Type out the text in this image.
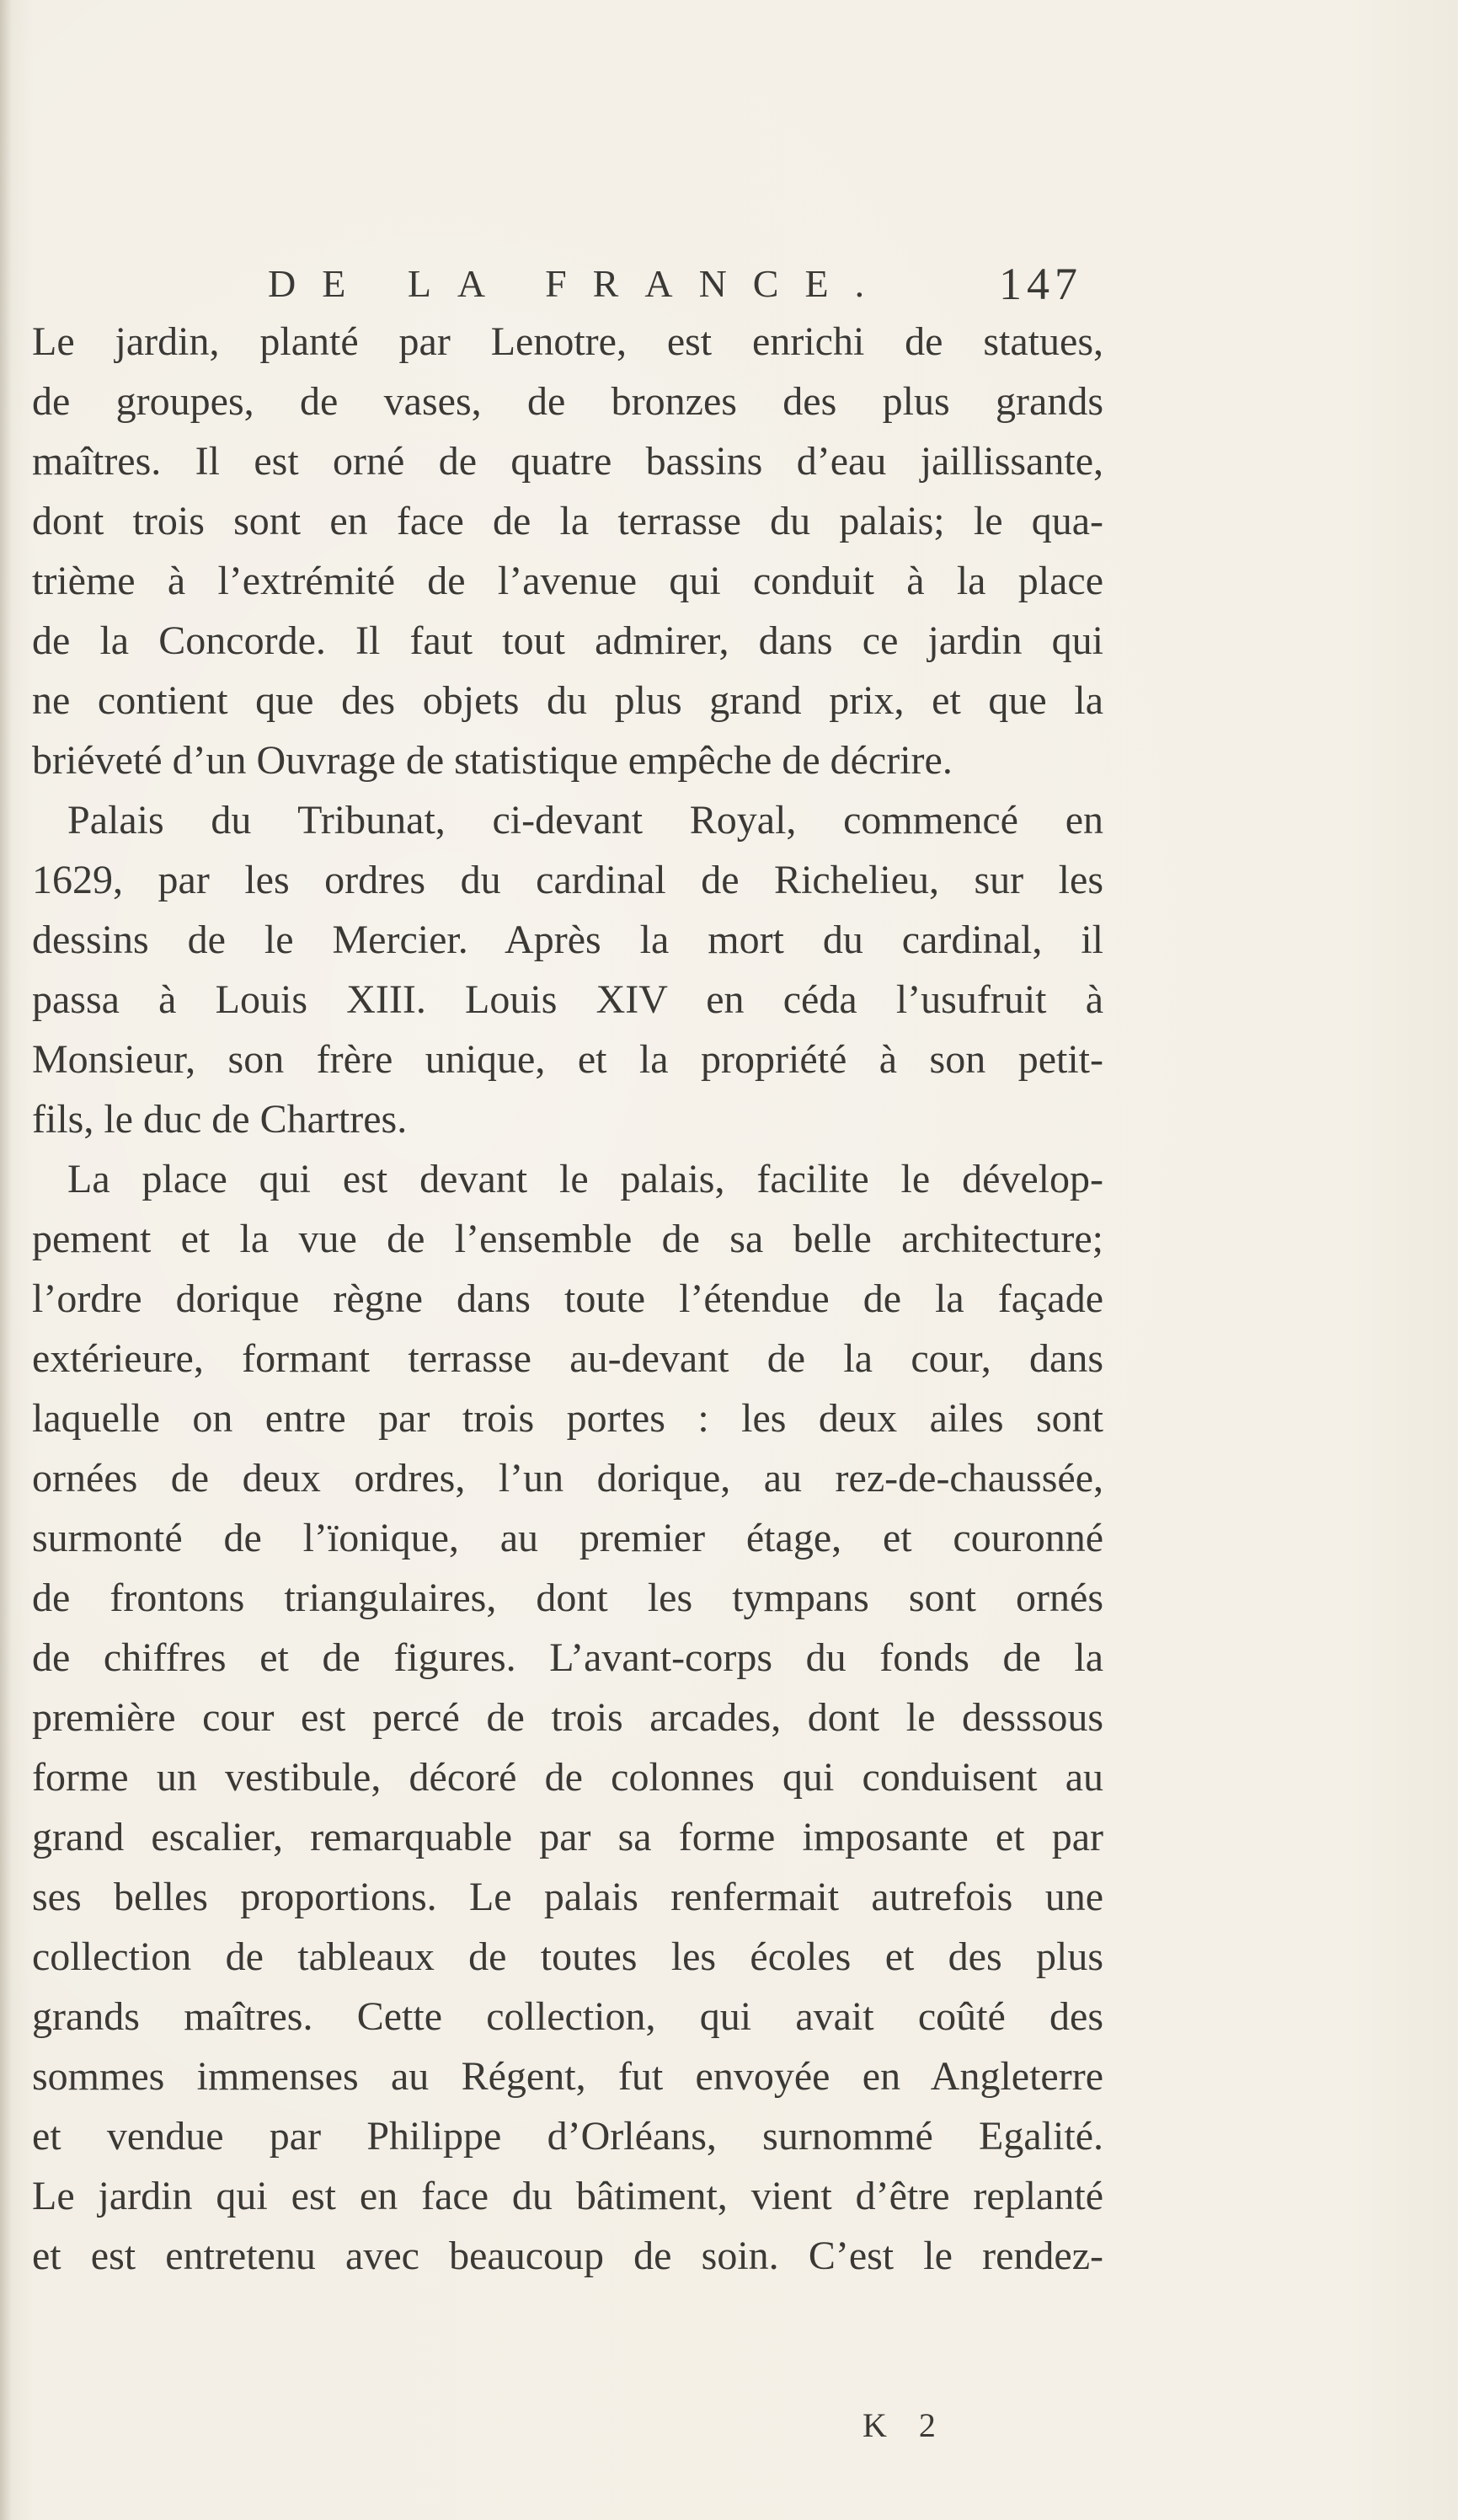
DE LA FRANCE. 147
Le jardin, planté par Lenotre, est enrichi de statues,
de groupes, de vases, de bronzes des plus grands
maîtres. Il est orné de quatre bassins d’eau jaillissante,
dont trois sont en face de la terrasse du palais; le qua-
trième à l’extrémité de l’avenue qui conduit à la place
de la Concorde. Il faut tout admirer, dans ce jardin qui
ne contient que des objets du plus grand prix, et que la
briéveté d’un Ouvrage de statistique empêche de décrire.
Palais du Tribunat, ci-devant Royal, commencé en
1629, par les ordres du cardinal de Richelieu, sur les
dessins de le Mercier. Après la mort du cardinal, il
passa à Louis XIII. Louis XIV en céda l’usufruit à
Monsieur, son frère unique, et la propriété à son petit-
fils, le duc de Chartres.
La place qui est devant le palais, facilite le dévelop-
pement et la vue de l’ensemble de sa belle architecture;
l’ordre dorique règne dans toute l’étendue de la façade
extérieure, formant terrasse au-devant de la cour, dans
laquelle on entre par trois portes : les deux ailes sont
ornées de deux ordres, l’un dorique, au rez-de-chaussée,
surmonté de l’ïonique, au premier étage, et couronné
de frontons triangulaires, dont les tympans sont ornés
de chiffres et de figures. L’avant-corps du fonds de la
première cour est percé de trois arcades, dont le desssous
forme un vestibule, décoré de colonnes qui conduisent au
grand escalier, remarquable par sa forme imposante et par
ses belles proportions. Le palais renfermait autrefois une
collection de tableaux de toutes les écoles et des plus
grands maîtres. Cette collection, qui avait coûté des
sommes immenses au Régent, fut envoyée en Angleterre
et vendue par Philippe d’Orléans, surnommé Egalité.
Le jardin qui est en face du bâtiment, vient d’être replanté
et est entretenu avec beaucoup de soin. C’est le rendez-
K 2
